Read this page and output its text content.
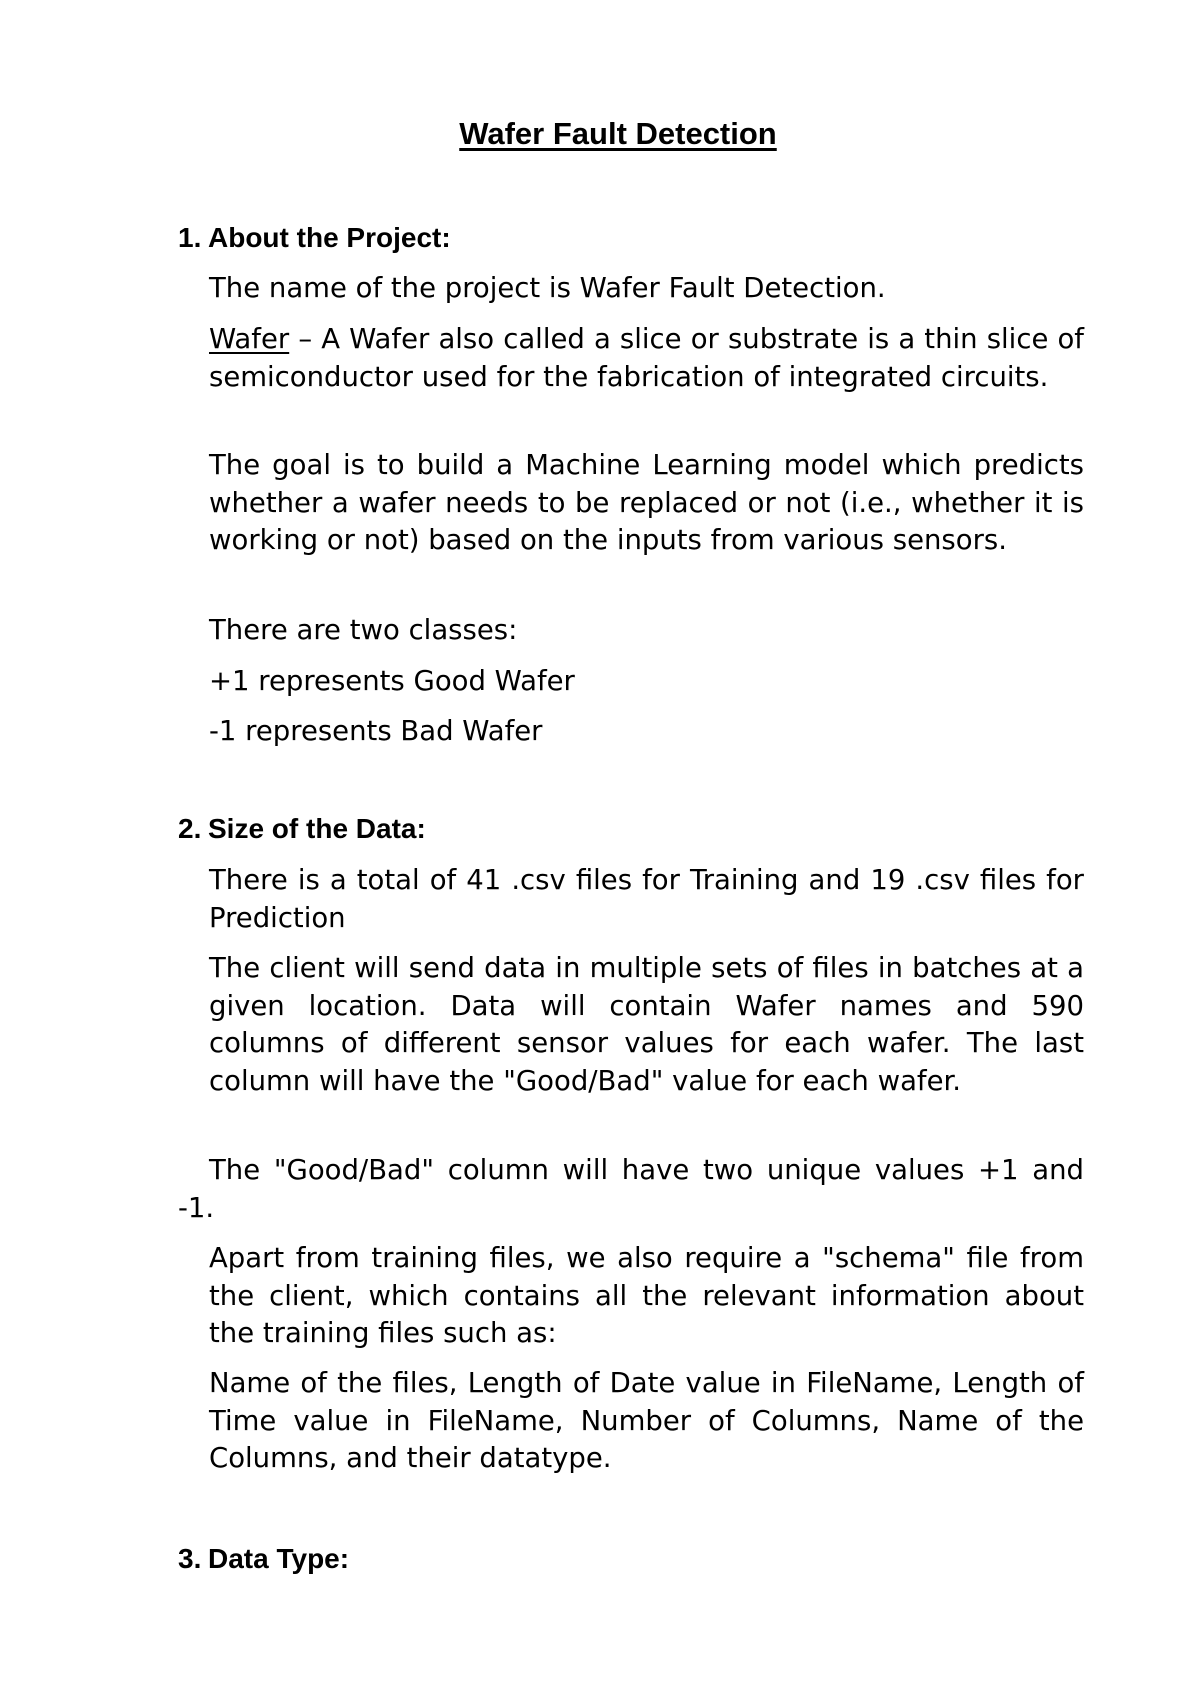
Wafer Fault Detection
1. About the Project:

The name of the project is Wafer Fault Detection.

Wafer – A Wafer also called a slice or substrate is a thin slice of semiconductor used for the fabrication of integrated circuits.

The goal is to build a Machine Learning model which predicts whether a wafer needs to be replaced or not (i.e., whether it is working or not) based on the inputs from various sensors.

There are two classes:

+1 represents Good Wafer

-1 represents Bad Wafer

2. Size of the Data:

There is a total of 41 .csv files for Training and 19 .csv files for Prediction

The client will send data in multiple sets of files in batches at a given location. Data will contain Wafer names and 590 columns of different sensor values for each wafer. The last column will have the "Good/Bad" value for each wafer.

The "Good/Bad" column will have two unique values +1 and -1.

Apart from training files, we also require a "schema" file from the client, which contains all the relevant information about the training files such as:

Name of the files, Length of Date value in FileName, Length of Time value in FileName, Number of Columns, Name of the Columns, and their datatype.

3. Data Type:
